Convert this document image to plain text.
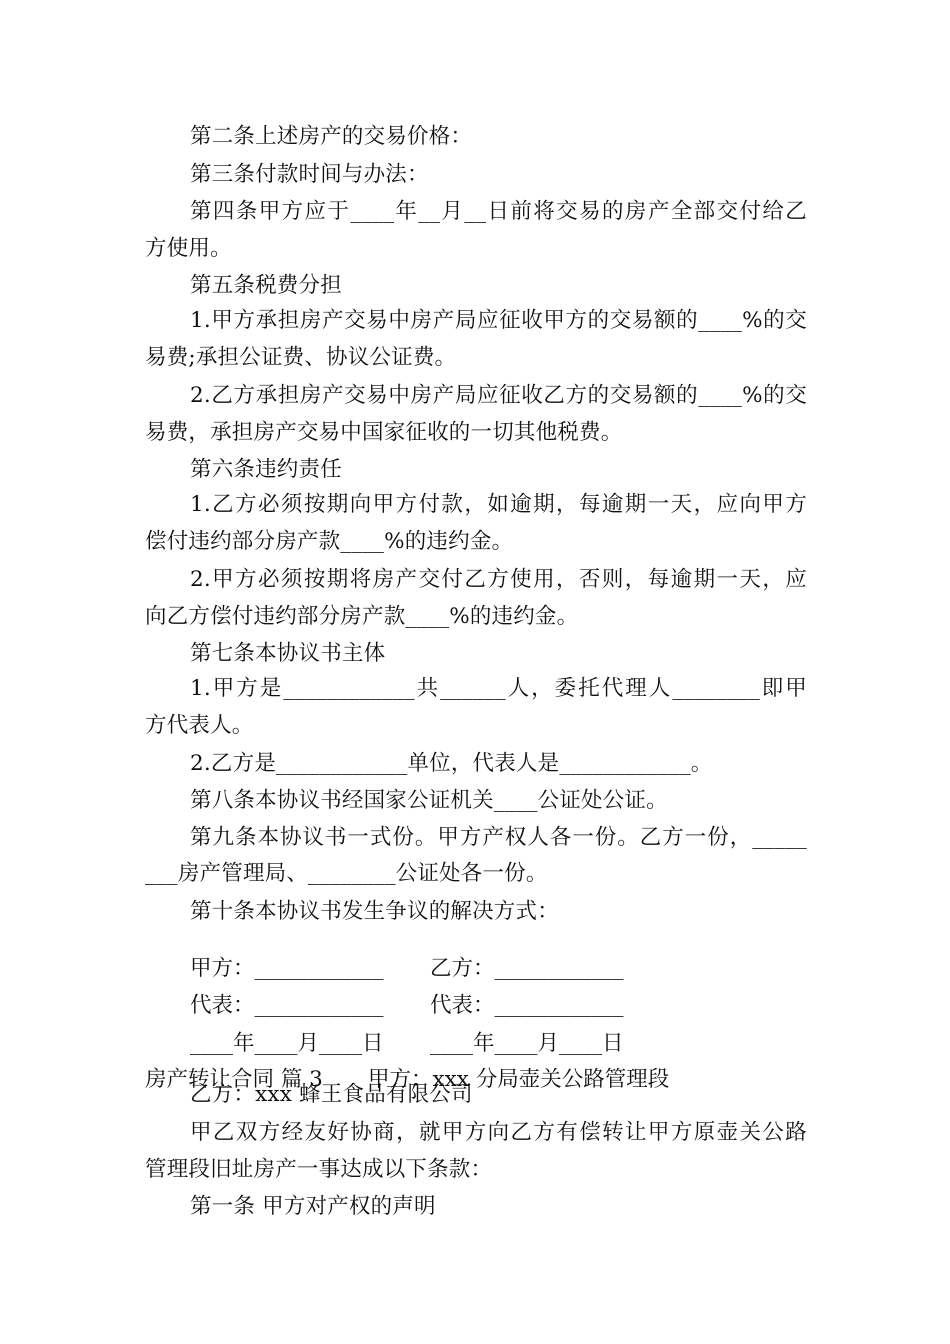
第二条上述房产的交易价格：

第三条付款时间与办法：

第四条甲方应于____年__月__日前将交易的房产全部交付给乙

方使用。

第五条税费分担

1.甲方承担房产交易中房产局应征收甲方的交易额的____%的交

易费;承担公证费、协议公证费。

2.乙方承担房产交易中房产局应征收乙方的交易额的____%的交

易费，承担房产交易中国家征收的一切其他税费。

第六条违约责任

1.乙方必须按期向甲方付款，如逾期，每逾期一天，应向甲方

偿付违约部分房产款____%的违约金。

2.甲方必须按期将房产交付乙方使用，否则，每逾期一天，应

向乙方偿付违约部分房产款____%的违约金。

第七条本协议书主体

1.甲方是____________共______人，委托代理人________即甲

方代表人。

2.乙方是____________单位，代表人是____________。

第八条本协议书经国家公证机关____公证处公证。

第九条本协议书一式份。甲方产权人各一份。乙方一份，_____

___房产管理局、________公证处各一份。

第十条本协议书发生争议的解决方式：

甲方：____________ 乙方：____________

代表：____________ 代表：____________

____年____月____日 ____年____月____日

房产转让合同 篇 3 甲方：xxx 分局壶关公路管理段

乙方：xxx 蜂王食品有限公司

甲乙双方经友好协商，就甲方向乙方有偿转让甲方原壶关公路

管理段旧址房产一事达成以下条款：

第一条 甲方对产权的声明
